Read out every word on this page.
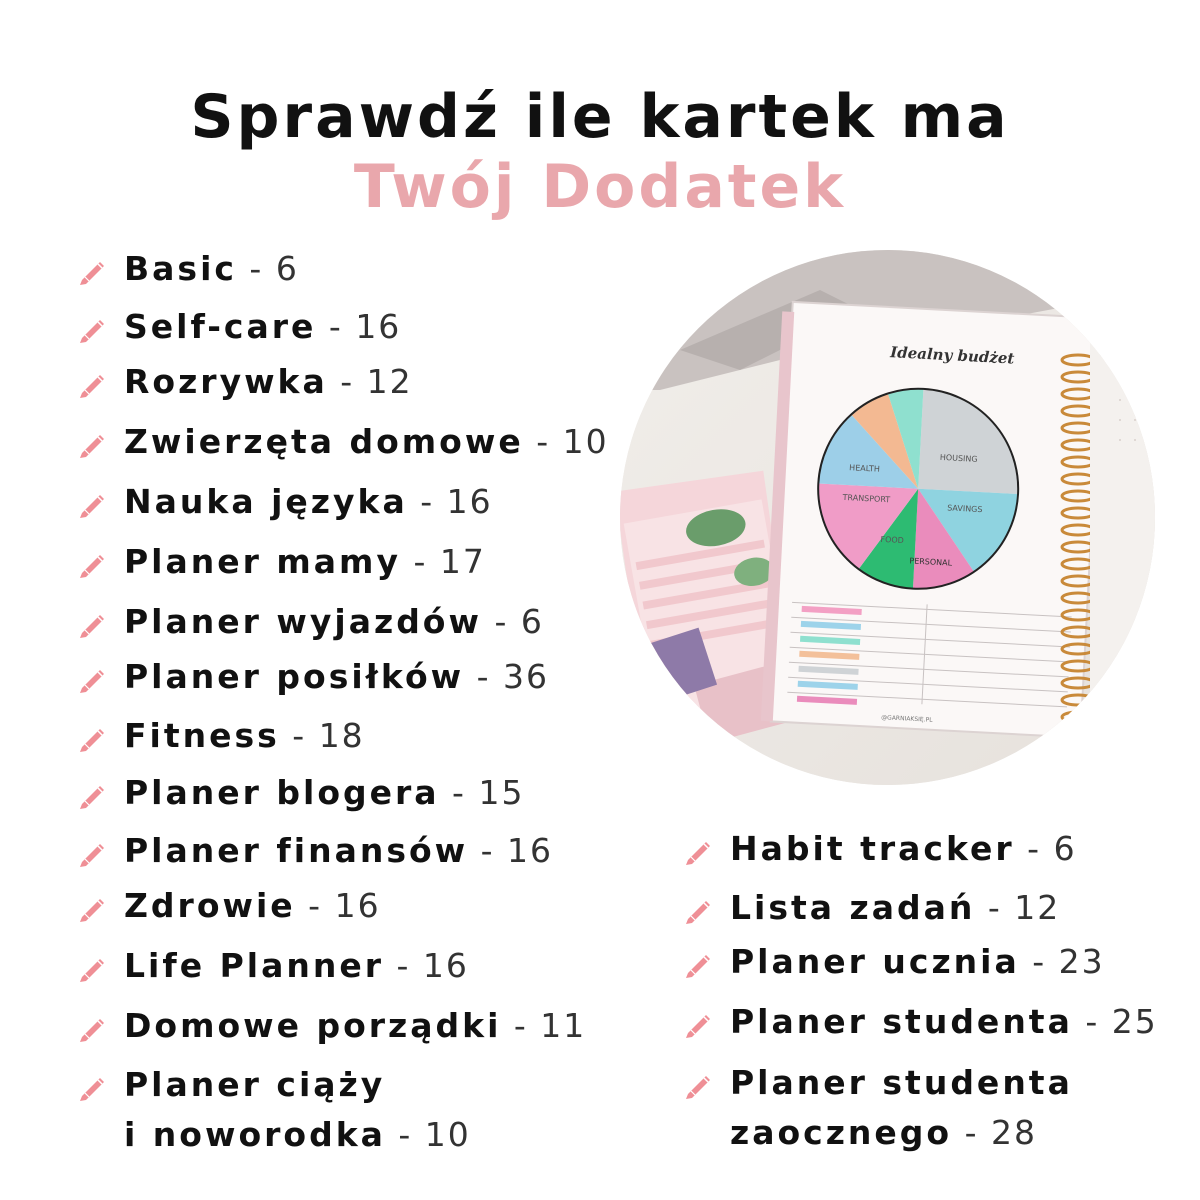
Sprawdź ile kartek ma
Twój Dodatek
Basic - 6
Self-care - 16
Rozrywka - 12
Zwierzęta domowe - 10
Nauka języka - 16
Planer mamy - 17
Planer wyjazdów - 6
Planer posiłków - 36
Fitness - 18
Planer blogera - 15
Planer finansów - 16
Zdrowie - 16
Life Planner - 16
Domowe porządki - 11
Planer ciąży
i noworodka - 10
Habit tracker - 6
Lista zadań - 12
Planer ucznia - 23
Planer studenta - 25
Planer studenta
zaocznego - 28
Idealny budżet
HOUSING
HEALTH
TRANSPORT
SAVINGS
FOOD
PERSONAL
@GARNIAKSIĘ.PL
